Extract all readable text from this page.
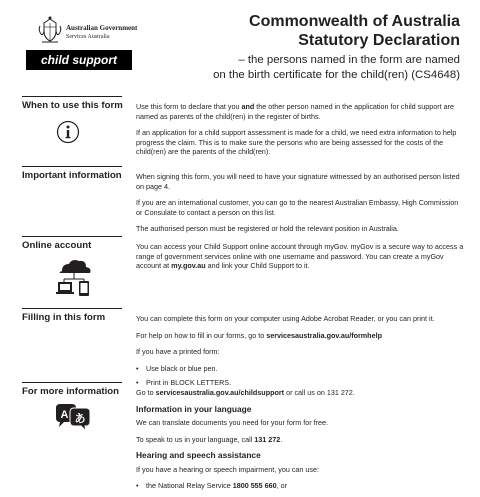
Australian Government
Services Australia
child support
Commonwealth of Australia
Statutory Declaration
– the persons named in the form are named
on the birth certificate for the child(ren) (CS4648)
When to use this form Use this form to declare that you and the other person named in the application for child support are named as parents of the child(ren) in the register of births.

If an application for a child support assessment is made for a child, we need extra information to help progress the claim. This is to make sure the persons who are being assessed for the costs of the child(ren) are the parents of the child(ren).

Important information When signing this form, you will need to have your signature witnessed by an authorised person listed on page 4.

If you are an international customer, you can go to the nearest Australian Embassy, High Commission or Consulate to contact a person on this list.

The authorised person must be registered or hold the relevant position in Australia.

Online account	You can access your Child Support online account through myGov. myGov is a secure way to access a range of government services online with one username and password. You can create a myGov account at my.gov.au and link your Child Support to it.

Filling in this form	You can complete this form on your computer using Adobe Acrobat Reader, or you can print it.

For help on how to fill in our forms, go to servicesaustralia.gov.au/formhelp

If you have a printed form:

• Use black or blue pen.
• Print in BLOCK LETTERS.
For more information
A あ

Go to servicesaustralia.gov.au/childsupport or call us on 131 272.

Information in your language

We can translate documents you need for your form for free.

To speak to us in your language, call 131 272.

Hearing and speech assistance

If you have a hearing or speech impairment, you can use:

• the National Relay Service 1800 555 660, or
